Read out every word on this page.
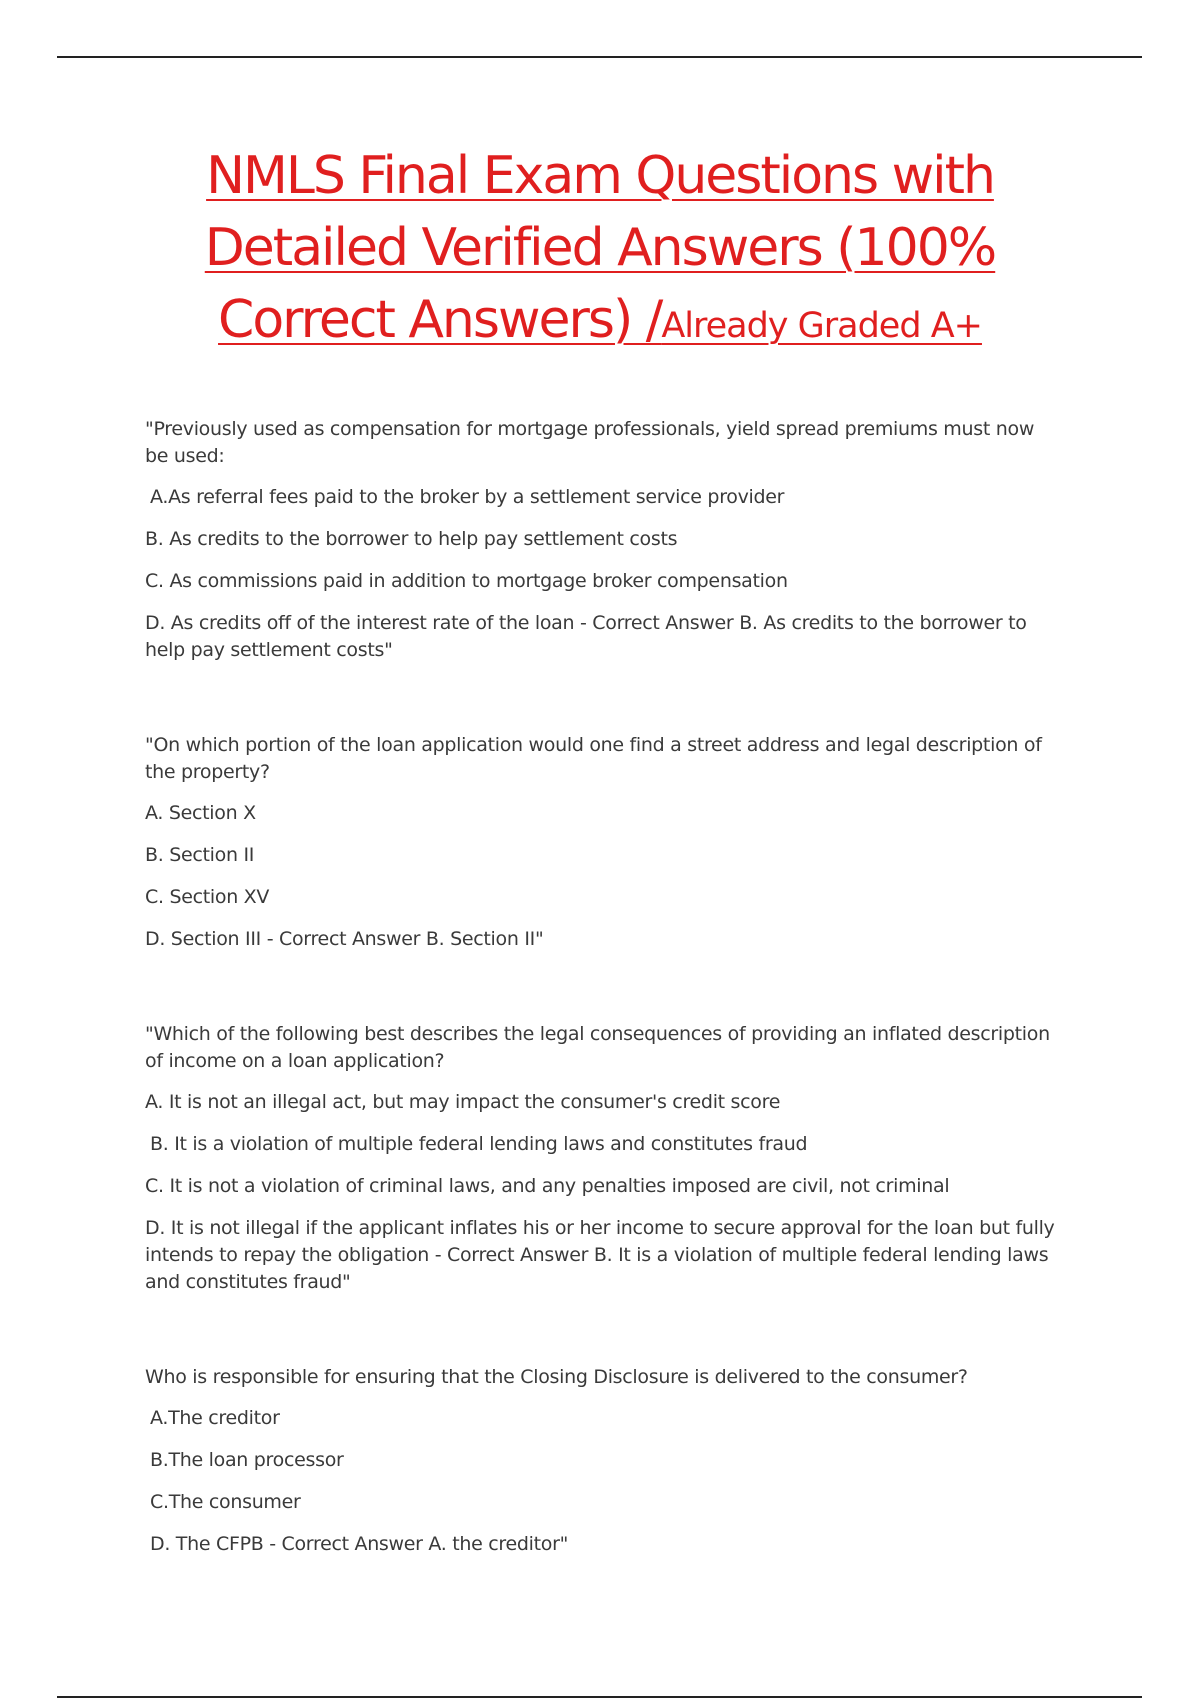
NMLS Final Exam Questions with
Detailed Verified Answers (100%
Correct Answers) /Already Graded A+

"Previously used as compensation for mortgage professionals, yield spread premiums must now be used:

A.As referral fees paid to the broker by a settlement service provider

B. As credits to the borrower to help pay settlement costs

C. As commissions paid in addition to mortgage broker compensation

D. As credits off of the interest rate of the loan - Correct Answer B. As credits to the borrower to help pay settlement costs"

"On which portion of the loan application would one find a street address and legal description of the property?

A. Section X

B. Section II

C. Section XV

D. Section III - Correct Answer B. Section II"

"Which of the following best describes the legal consequences of providing an inflated description of income on a loan application?

A. It is not an illegal act, but may impact the consumer's credit score

B. It is a violation of multiple federal lending laws and constitutes fraud

C. It is not a violation of criminal laws, and any penalties imposed are civil, not criminal

D. It is not illegal if the applicant inflates his or her income to secure approval for the loan but fully intends to repay the obligation - Correct Answer B. It is a violation of multiple federal lending laws and constitutes fraud"

Who is responsible for ensuring that the Closing Disclosure is delivered to the consumer?

A.The creditor

B.The loan processor

C.The consumer

D. The CFPB - Correct Answer A. the creditor"
